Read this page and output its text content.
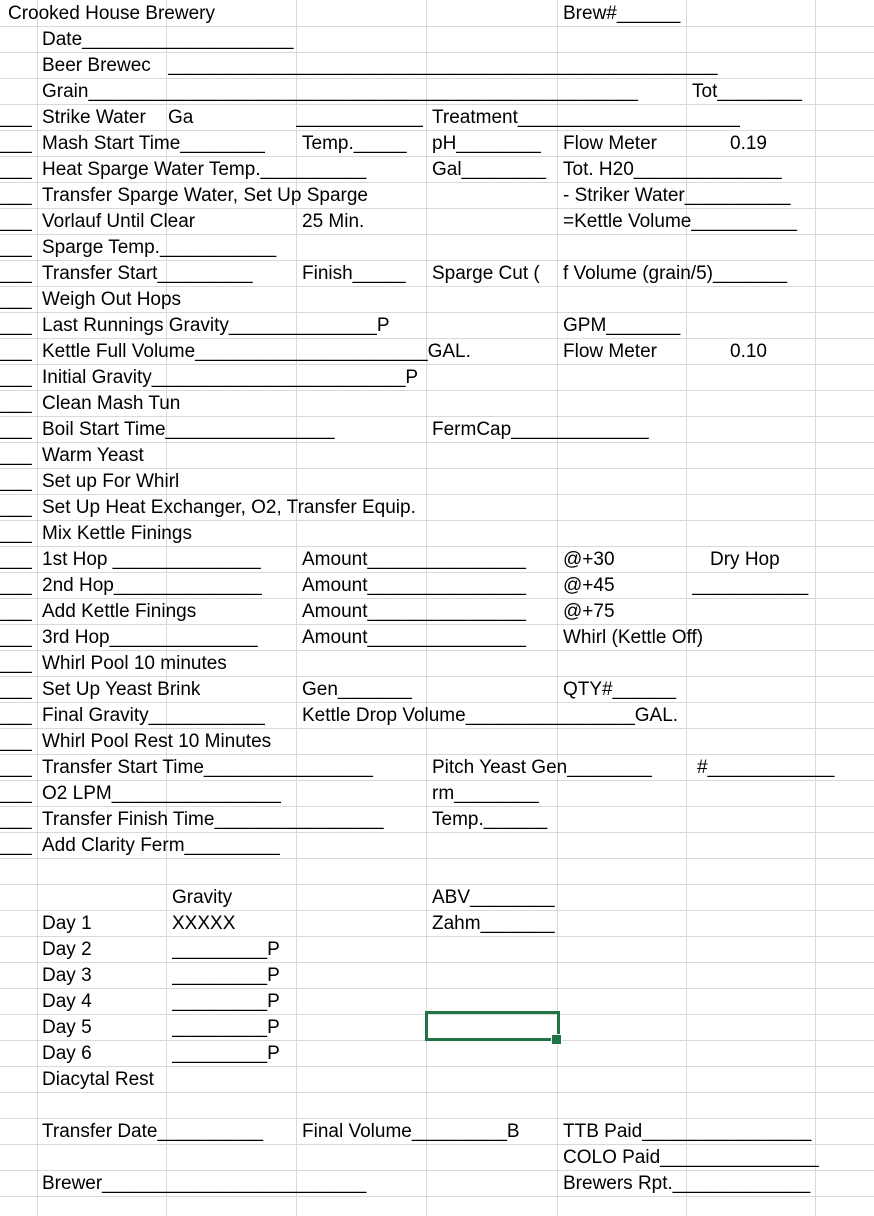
Crooked House Brewery	Brew#______
Date____________________
Beer Brewec ____________________________________________________
Grain____________________________________________________	Tot________
___ Strike Water	Ga	____________ Treatment_____________________
___ Mash Start Time________	Temp._____	pH________	Flow Meter	0.19
___ Heat Sparge Water Temp.__________	Gal________ Tot. H20______________
___ Transfer Sparge Water, Set Up Sparge	- Striker Water__________
___ Vorlauf Until Clear	25 Min.	=Kettle Volume__________
___ Sparge Temp.___________
___ Transfer Start_________	Finish_____	Sparge Cut (	f Volume (grain/5)_______
___ Weigh Out Hops
___ Last Runnings Gravity______________P	GPM_______
___ Kettle Full Volume______________________GAL.	Flow Meter	0.10
___ Initial Gravity________________________P
___ Clean Mash Tun
___ Boil Start Time________________	FermCap_____________
___ Warm Yeast
___ Set up For Whirl
___ Set Up Heat Exchanger, O2, Transfer Equip.
___ Mix Kettle Finings
___ 1st Hop ______________	Amount_______________	@+30	Dry Hop
___ 2nd Hop______________	Amount_______________	@+45	___________
___ Add Kettle Finings	Amount_______________	@+75
___ 3rd Hop______________	Amount_______________	Whirl (Kettle Off)
___ Whirl Pool 10 minutes
___ Set Up Yeast Brink	Gen_______	QTY#______
___ Final Gravity___________	Kettle Drop Volume________________GAL.
___ Whirl Pool Rest 10 Minutes
___ Transfer Start Time________________	Pitch Yeast Gen________	#____________
___ O2 LPM________________	rm________
___ Transfer Finish Time________________	Temp.______
___ Add Clarity Ferm_________
Gravity	ABV________
Day 1	XXXXX	Zahm_______
Day 2	_________P
Day 3	_________P
Day 4	_________P
Day 5	_________P
Day 6	_________P
Diacytal Rest
Transfer Date__________	Final Volume_________B	TTB Paid________________
COLO Paid_______________
Brewer_________________________	Brewers Rpt._____________
